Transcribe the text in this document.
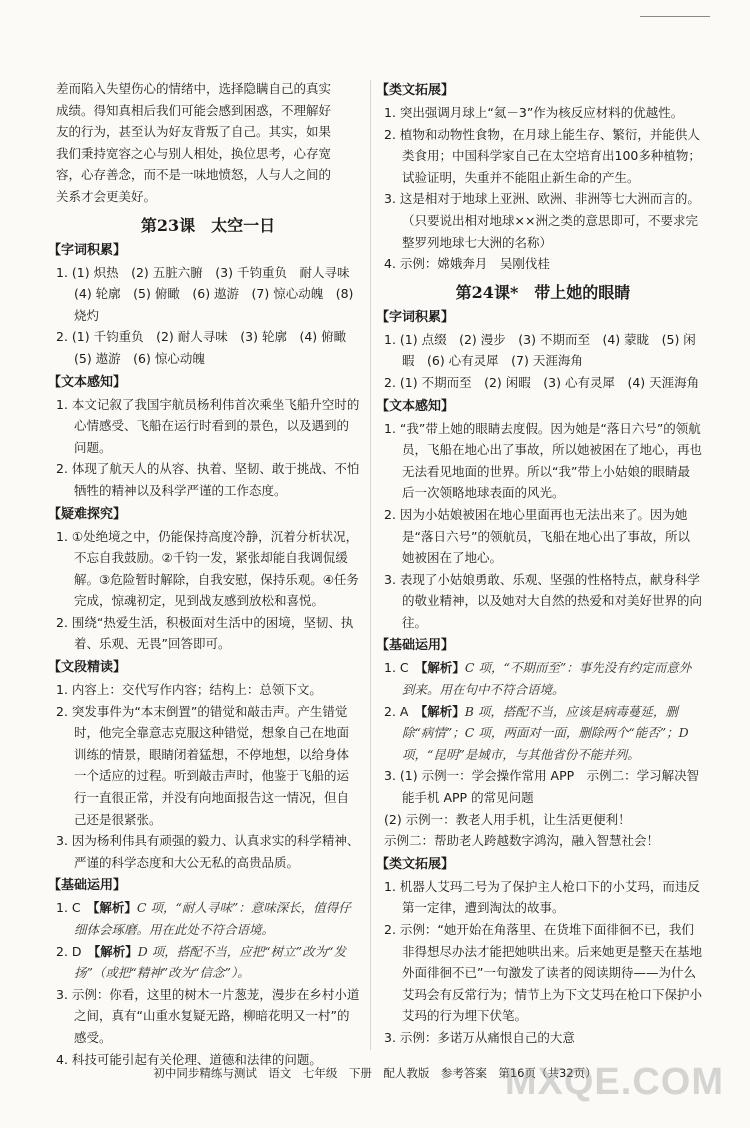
差而陷入失望伤心的情绪中，选择隐瞒自己的真实
成绩。得知真相后我们可能会感到困惑，不理解好
友的行为，甚至认为好友背叛了自己。其实，如果
我们秉持宽容之心与别人相处，换位思考，心存宽
容，心存善念，而不是一味地愤怒，人与人之间的
关系才会更美好。
第23课　太空一日
【字词积累】
1. (1) 炽热　(2) 五脏六腑　(3) 千钧重负　耐人寻味　(4) 轮廓　(5) 俯瞰　(6) 遨游　(7) 惊心动魄　(8) 烧灼
2. (1) 千钧重负　(2) 耐人寻味　(3) 轮廓　(4) 俯瞰　(5) 遨游　(6) 惊心动魄
【文本感知】
1. 本文记叙了我国宇航员杨利伟首次乘坐飞船升空时的心情感受、飞船在运行时看到的景色，以及遇到的问题。
2. 体现了航天人的从容、执着、坚韧、敢于挑战、不怕牺牲的精神以及科学严谨的工作态度。
【疑难探究】
1. ①处绝境之中，仍能保持高度冷静，沉着分析状况，不忘自我鼓励。②千钧一发，紧张却能自我调侃缓解。③危险暂时解除，自我安慰，保持乐观。④任务完成，惊魂初定，见到战友感到放松和喜悦。
2. 围绕“热爱生活，积极面对生活中的困境，坚韧、执着、乐观、无畏”回答即可。
【文段精读】
1. 内容上：交代写作内容；结构上：总领下文。
2. 突发事件为“本末倒置”的错觉和敲击声。产生错觉时，他完全靠意志克服这种错觉，想象自己在地面训练的情景，眼睛闭着猛想，不停地想，以给身体一个适应的过程。听到敲击声时，他鉴于飞船的运行一直很正常，并没有向地面报告这一情况，但自己还是很紧张。
3. 因为杨利伟具有顽强的毅力、认真求实的科学精神、严谨的科学态度和大公无私的高贵品质。
【基础运用】
1. C　【解析】C 项，“耐人寻味”：意味深长，值得仔细体会琢磨。用在此处不符合语境。
2. D　【解析】D 项，搭配不当，应把“树立”改为“发扬”（或把“精神”改为“信念”）。
3. 示例：你看，这里的树木一片葱茏，漫步在乡村小道之间，真有“山重水复疑无路，柳暗花明又一村”的感受。
4. 科技可能引起有关伦理、道德和法律的问题。
【类文拓展】
1. 突出强调月球上“氦－3”作为核反应材料的优越性。
2. 植物和动物性食物，在月球上能生存、繁衍，并能供人类食用；中国科学家自己在太空培育出100多种植物；试验证明，失重并不能阻止新生命的产生。
3. 这是相对于地球上亚洲、欧洲、非洲等七大洲而言的。（只要说出相对地球××洲之类的意思即可，不要求完整罗列地球七大洲的名称）
4. 示例：嫦娥奔月　吴刚伐桂
第24课*　带上她的眼睛
【字词积累】
1. (1) 点缀　(2) 漫步　(3) 不期而至　(4) 蒙眬　(5) 闲暇　(6) 心有灵犀　(7) 天涯海角
2. (1) 不期而至　(2) 闲暇　(3) 心有灵犀　(4) 天涯海角
【文本感知】
1. “我”带上她的眼睛去度假。因为她是“落日六号”的领航员，飞船在地心出了事故，所以她被困在了地心，再也无法看见地面的世界。所以“我”带上小姑娘的眼睛最后一次领略地球表面的风光。
2. 因为小姑娘被困在地心里面再也无法出来了。因为她是“落日六号”的领航员，飞船在地心出了事故，所以她被困在了地心。
3. 表现了小姑娘勇敢、乐观、坚强的性格特点，献身科学的敬业精神，以及她对大自然的热爱和对美好世界的向往。
【基础运用】
1. C　【解析】C 项，“不期而至”：事先没有约定而意外到来。用在句中不符合语境。
2. A　【解析】B 项，搭配不当，应该是病毒蔓延，删除“病情”；C 项，两面对一面，删除两个“能否”；D 项，“昆明”是城市，与其他省份不能并列。
3. (1) 示例一：学会操作常用 APP　示例二：学习解决智能手机 APP 的常见问题
(2) 示例一：教老人用手机，让生活更便利！
示例二：帮助老人跨越数字鸿沟，融入智慧社会！
【类文拓展】
1. 机器人艾玛二号为了保护主人枪口下的小艾玛，而违反第一定律，遭到淘汰的故事。
2. 示例：“她开始在角落里、在货堆下面徘徊不已，我们非得想尽办法才能把她哄出来。后来她更是整天在基地外面徘徊不已”一句激发了读者的阅读期待——为什么艾玛会有反常行为；情节上为下文艾玛在枪口下保护小艾玛的行为埋下伏笔。
3. 示例：多诺万从痛恨自己的大意
初中同步精练与测试　语文　七年级　下册　配人教版　参考答案　第16页（共32页）
MXQE.COM
